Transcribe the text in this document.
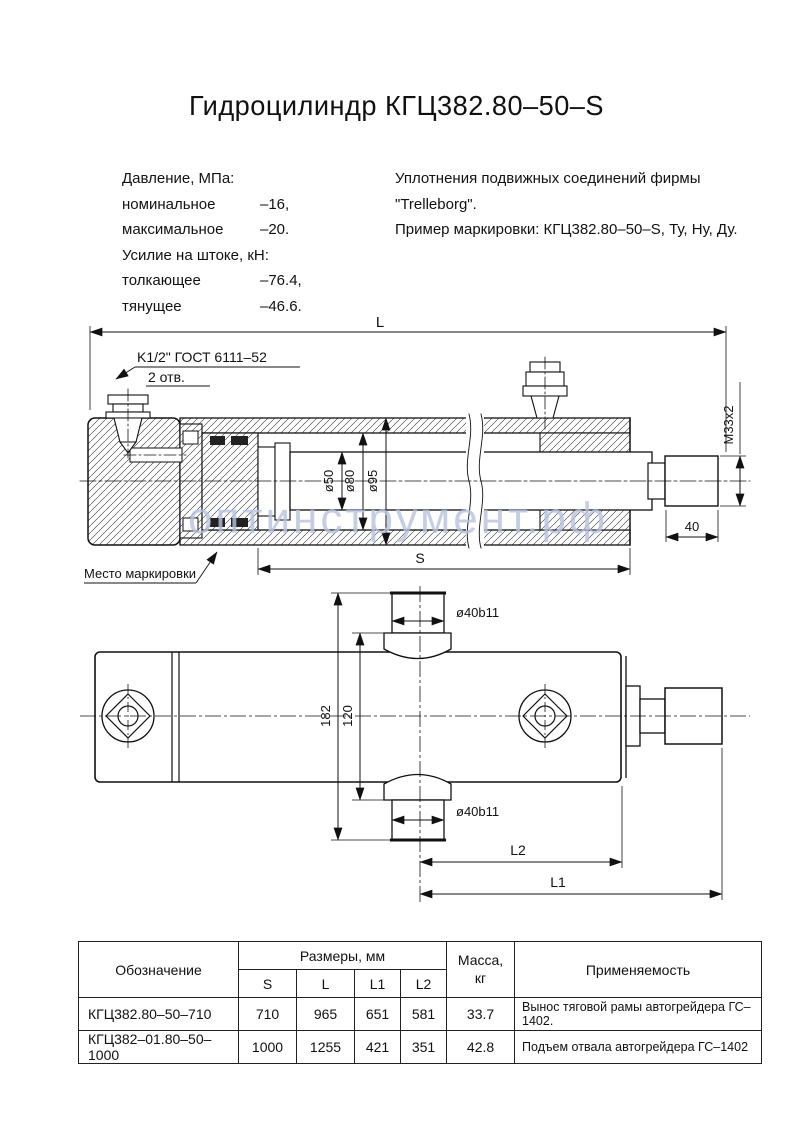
Гидроцилиндр КГЦ382.80–50–S
Давление, МПа:
номинальное	–16,
максимальное –20.
Усилие на штоке, кН:
толкающее	–76.4,
тянущее	–46.6.
Уплотнения подвижных соединений фирмы
"Trelleborg".
Пример маркировки: КГЦ382.80–50–S, Ту, Ну, Ду.
L
K1/2" ГОСТ 6111–52
2 отв.
ø50 ø80 ø95
М33х2
40
S
Место маркировки
ø40b11
ø40b11
182 120
L2
L1
оптинструмент.рф
Обозначение	Размеры, мм				Масса,
кг	Применяемость
	S	L	L1	L2		
КГЦ382.80–50–710	710	965	651	581	33.7	Вынос тяговой рамы автогрейдера ГС–1402.
КГЦ382–01.80–50–1000	1000	1255	421	351	42.8	Подъем отвала автогрейдера ГС–1402
